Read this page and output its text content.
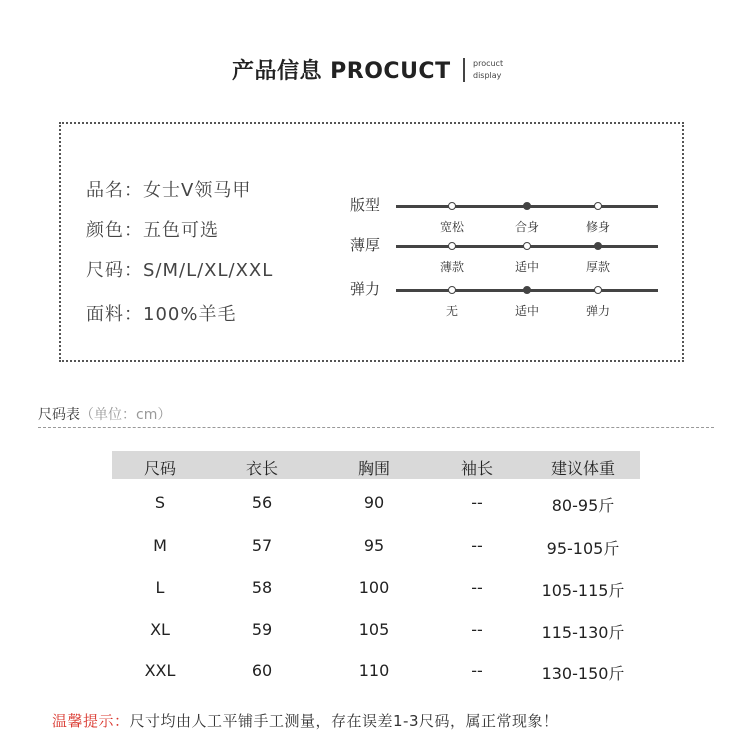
产品信息 PROCUCT	procuct
display
品名：女士V领马甲
颜色：五色可选
尺码：S/M/L/XL/XXL
面料：100%羊毛
版型
宽松	合身	修身
薄厚
薄款	适中	厚款
弹力
无	适中	弹力
尺码表（单位：cm）
尺码	衣长	胸围	袖长	建议体重
S	56	90	--	80-95斤
M	57	95	--	95-105斤
L	58	100	--	105-115斤
XL	59	105	--	115-130斤
XXL	60	110	--	130-150斤
温馨提示：尺寸均由人工平铺手工测量，存在误差1-3尺码，属正常现象！
